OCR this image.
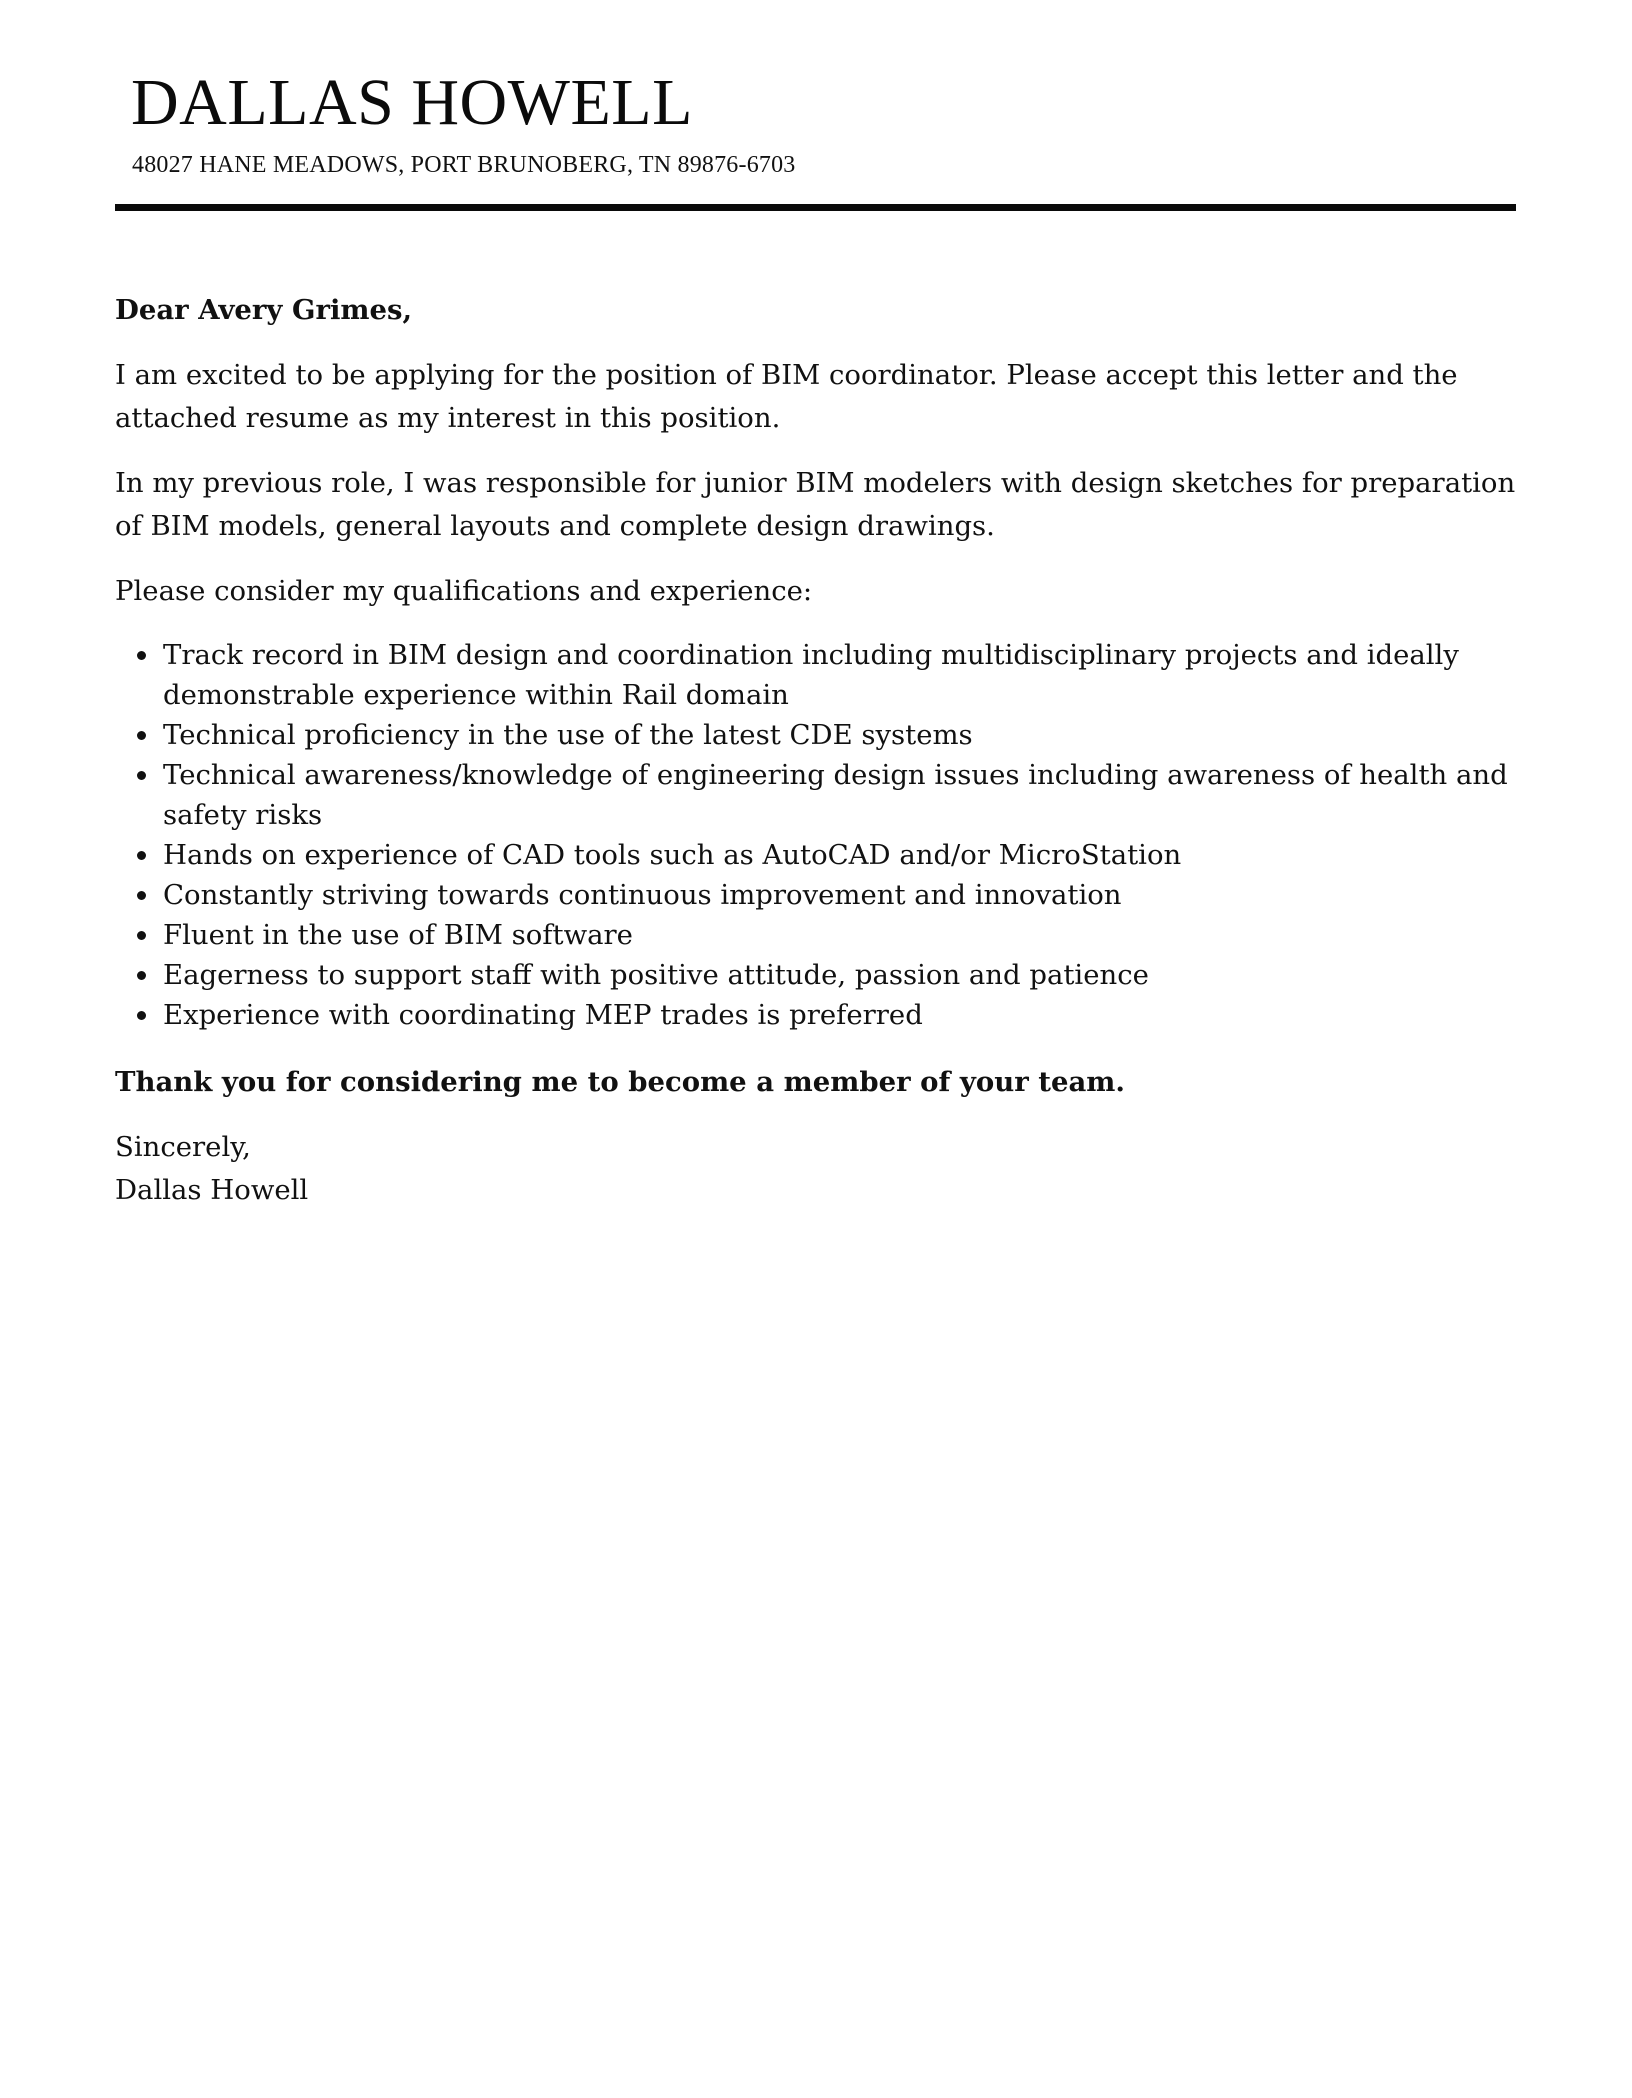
DALLAS HOWELL
48027 HANE MEADOWS, PORT BRUNOBERG, TN 89876-6703

Dear Avery Grimes,

I am excited to be applying for the position of BIM coordinator. Please accept this letter and the attached resume as my interest in this position.

In my previous role, I was responsible for junior BIM modelers with design sketches for preparation of BIM models, general layouts and complete design drawings.

Please consider my qualifications and experience:

Track record in BIM design and coordination including multidisciplinary projects and ideally demonstrable experience within Rail domain
Technical proficiency in the use of the latest CDE systems
Technical awareness/knowledge of engineering design issues including awareness of health and safety risks
Hands on experience of CAD tools such as AutoCAD and/or MicroStation
Constantly striving towards continuous improvement and innovation
Fluent in the use of BIM software
Eagerness to support staff with positive attitude, passion and patience
Experience with coordinating MEP trades is preferred

Thank you for considering me to become a member of your team.

Sincerely,
Dallas Howell
